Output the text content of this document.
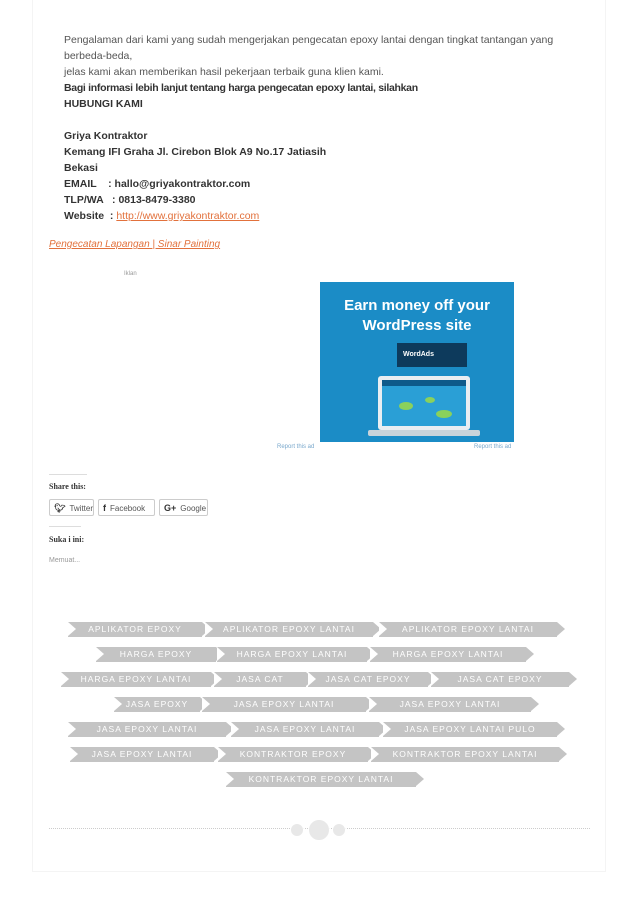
Pengalaman dari kami yang sudah mengerjakan pengecatan epoxy lantai dengan tingkat tantangan yang berbeda-beda,
jelas kami akan memberikan hasil pekerjaan terbaik guna klien kami.
Bagi informasi lebih lanjut tentang harga pengecatan epoxy lantai, silahkan
HUBUNGI KAMI
Griya Kontraktor
Kemang IFI Graha Jl. Cirebon Blok A9 No.17 Jatiasih
Bekasi
EMAIL    : hallo@griyakontraktor.com
TLP/WA   : 0813-8479-3380
Website  : http://www.griyakontraktor.com
Pengecatan Lapangan | Sinar Painting
Iklan
Earn money off your
WordPress site
WordAds
Report this ad	Report this ad
Share this:
🐦︎ Twitter	f Facebook	G+ Google
Suka i ini:
Memuat...
APLIKATOR EPOXY	APLIKATOR EPOXY LANTAI	APLIKATOR EPOXY LANTAI
HARGA EPOXY	HARGA EPOXY LANTAI	HARGA EPOXY LANTAI
HARGA EPOXY LANTAI	JASA CAT	JASA CAT EPOXY	JASA CAT EPOXY
JASA EPOXY	JASA EPOXY LANTAI	JASA EPOXY LANTAI
JASA EPOXY LANTAI	JASA EPOXY LANTAI	JASA EPOXY LANTAI PULO
JASA EPOXY LANTAI	KONTRAKTOR EPOXY	KONTRAKTOR EPOXY LANTAI
KONTRAKTOR EPOXY LANTAI
